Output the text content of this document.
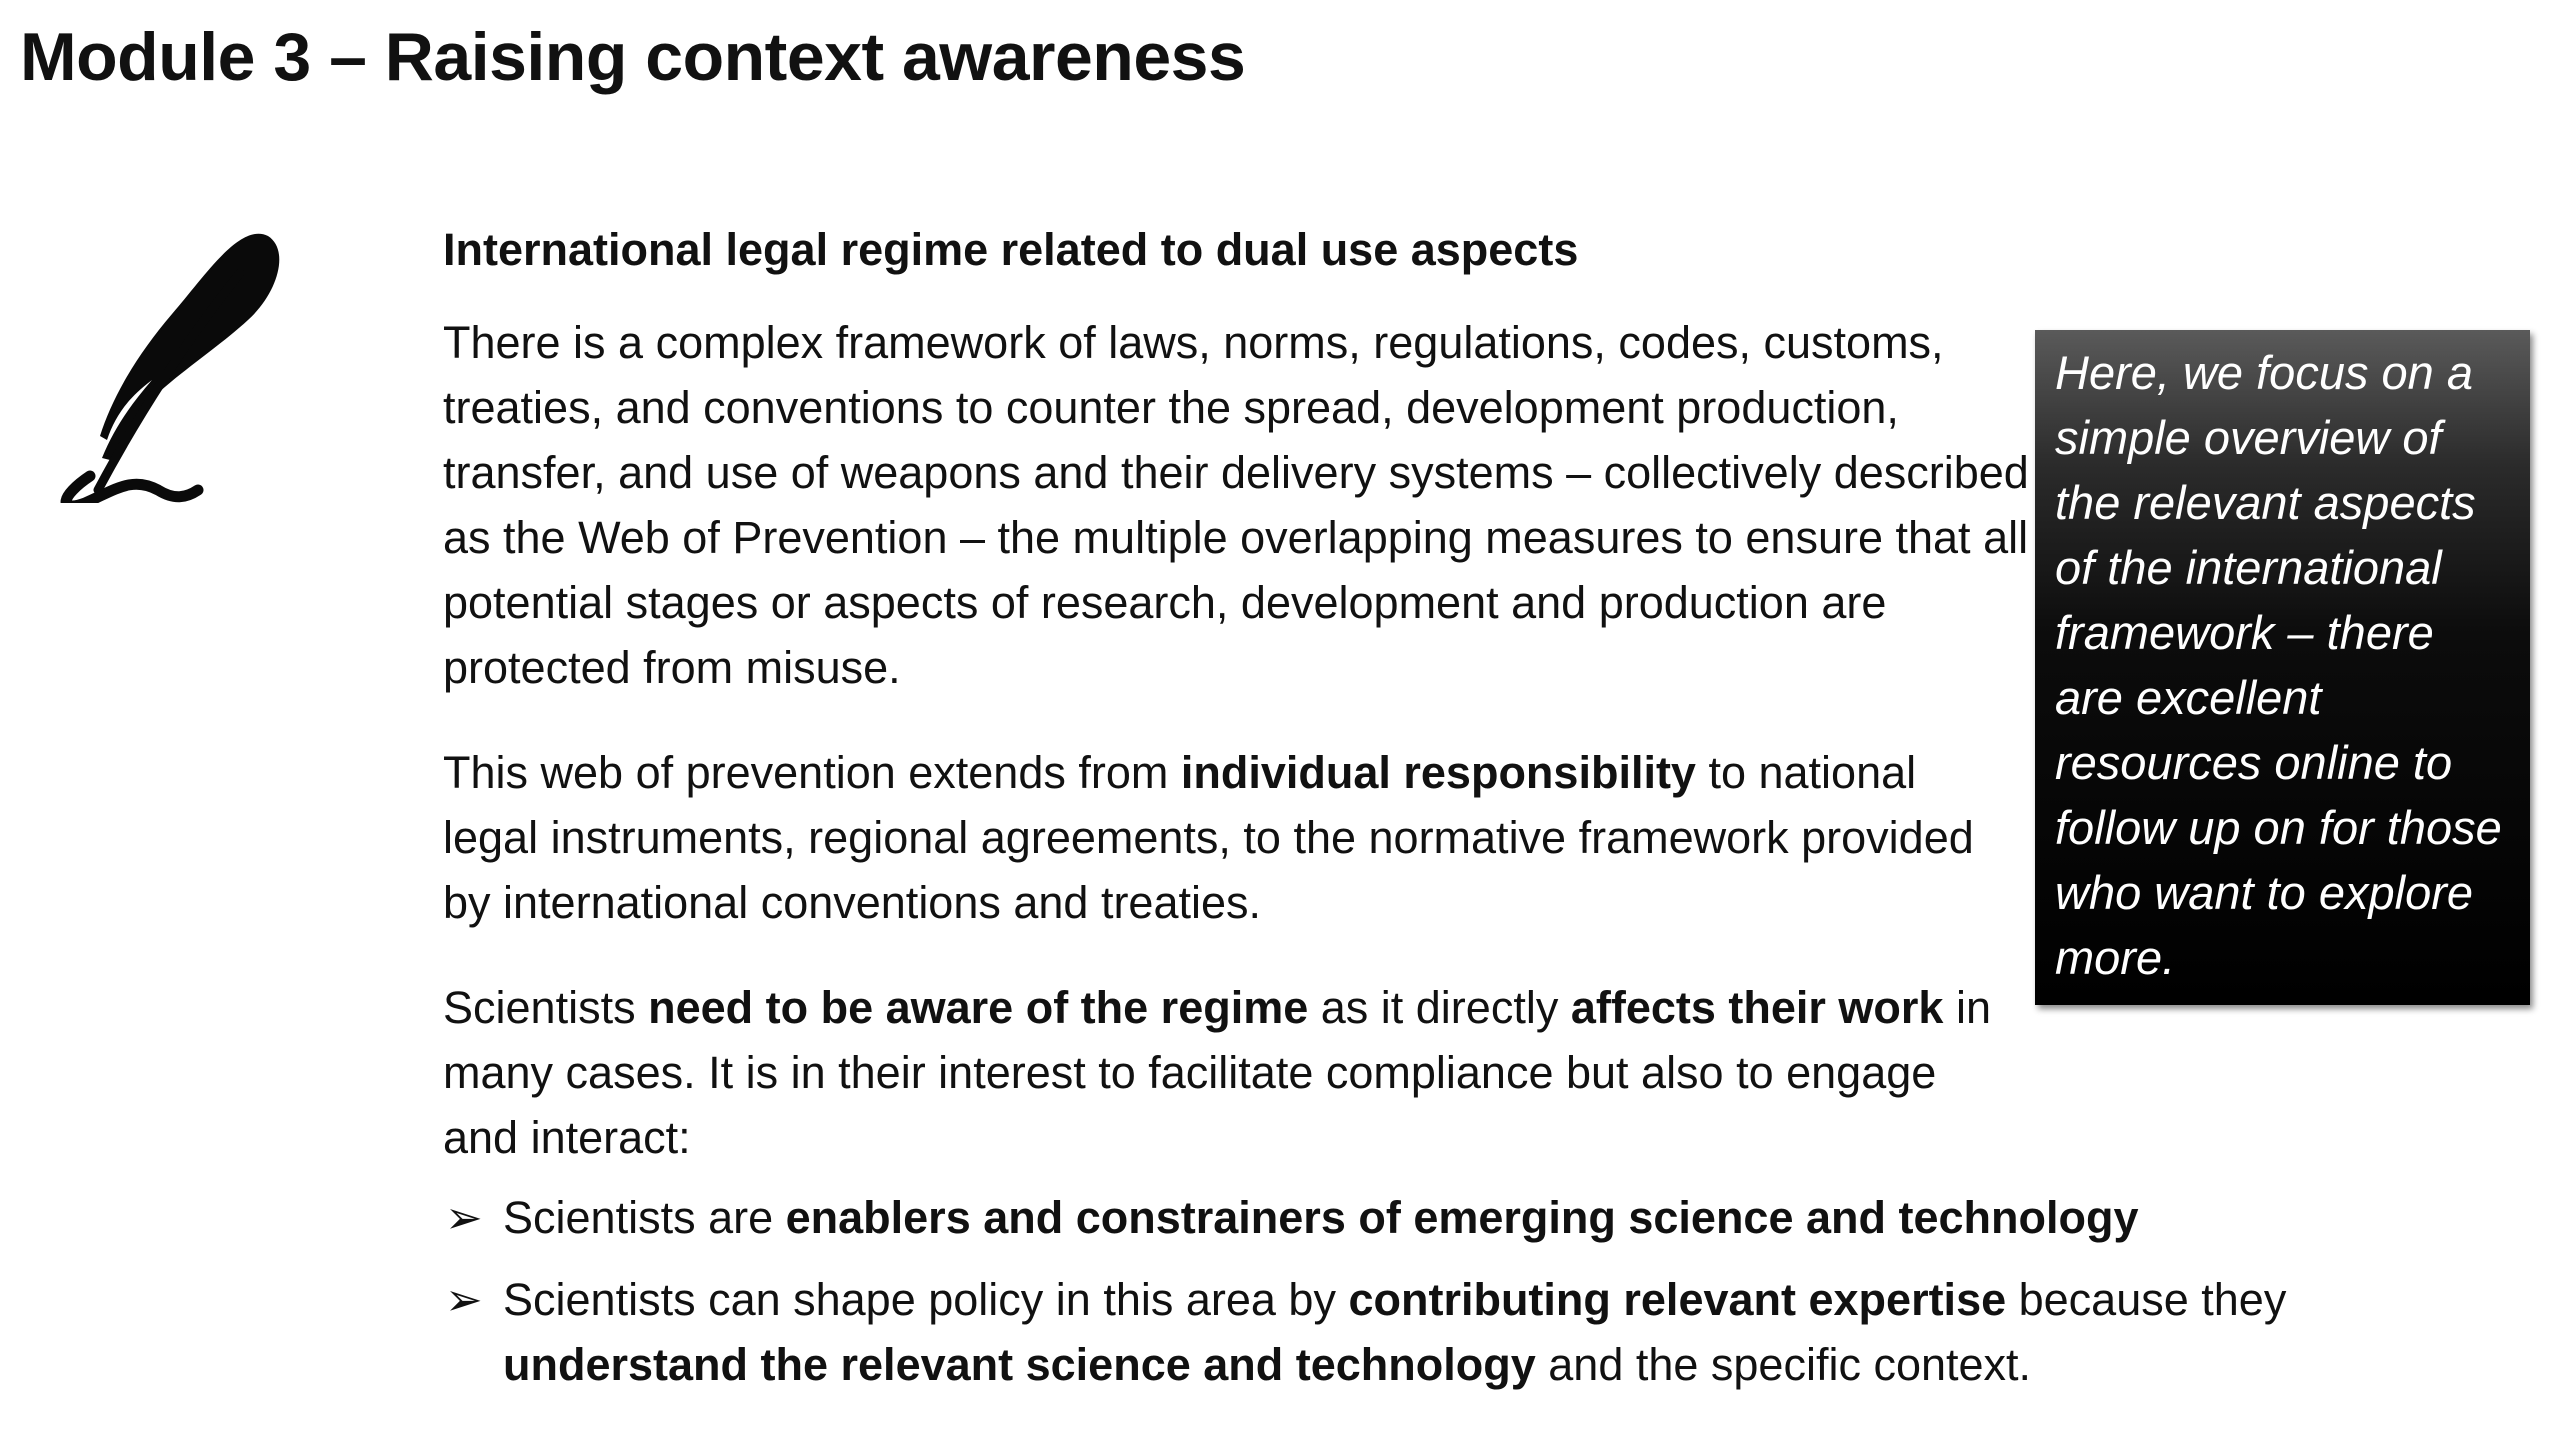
Module 3 – Raising context awareness
International legal regime related to dual use aspects

There is a complex framework of laws, norms, regulations, codes, customs, treaties, and conventions to counter the spread, development production, transfer, and use of weapons and their delivery systems – collectively described as the Web of Prevention – the multiple overlapping measures to ensure that all potential stages or aspects of research, development and production are protected from misuse.

This web of prevention extends from individual responsibility to national legal instruments, regional agreements, to the normative framework provided by international conventions and treaties.

Scientists need to be aware of the regime as it directly affects their work in many cases. It is in their interest to facilitate compliance but also to engage and interact:

➢ Scientists are enablers and constrainers of emerging science and technology
➢ Scientists can shape policy in this area by contributing relevant expertise because they understand the relevant science and technology and the specific context.
Here, we focus on a simple overview of the relevant aspects of the international framework – there are excellent resources online to follow up on for those who want to explore more.
